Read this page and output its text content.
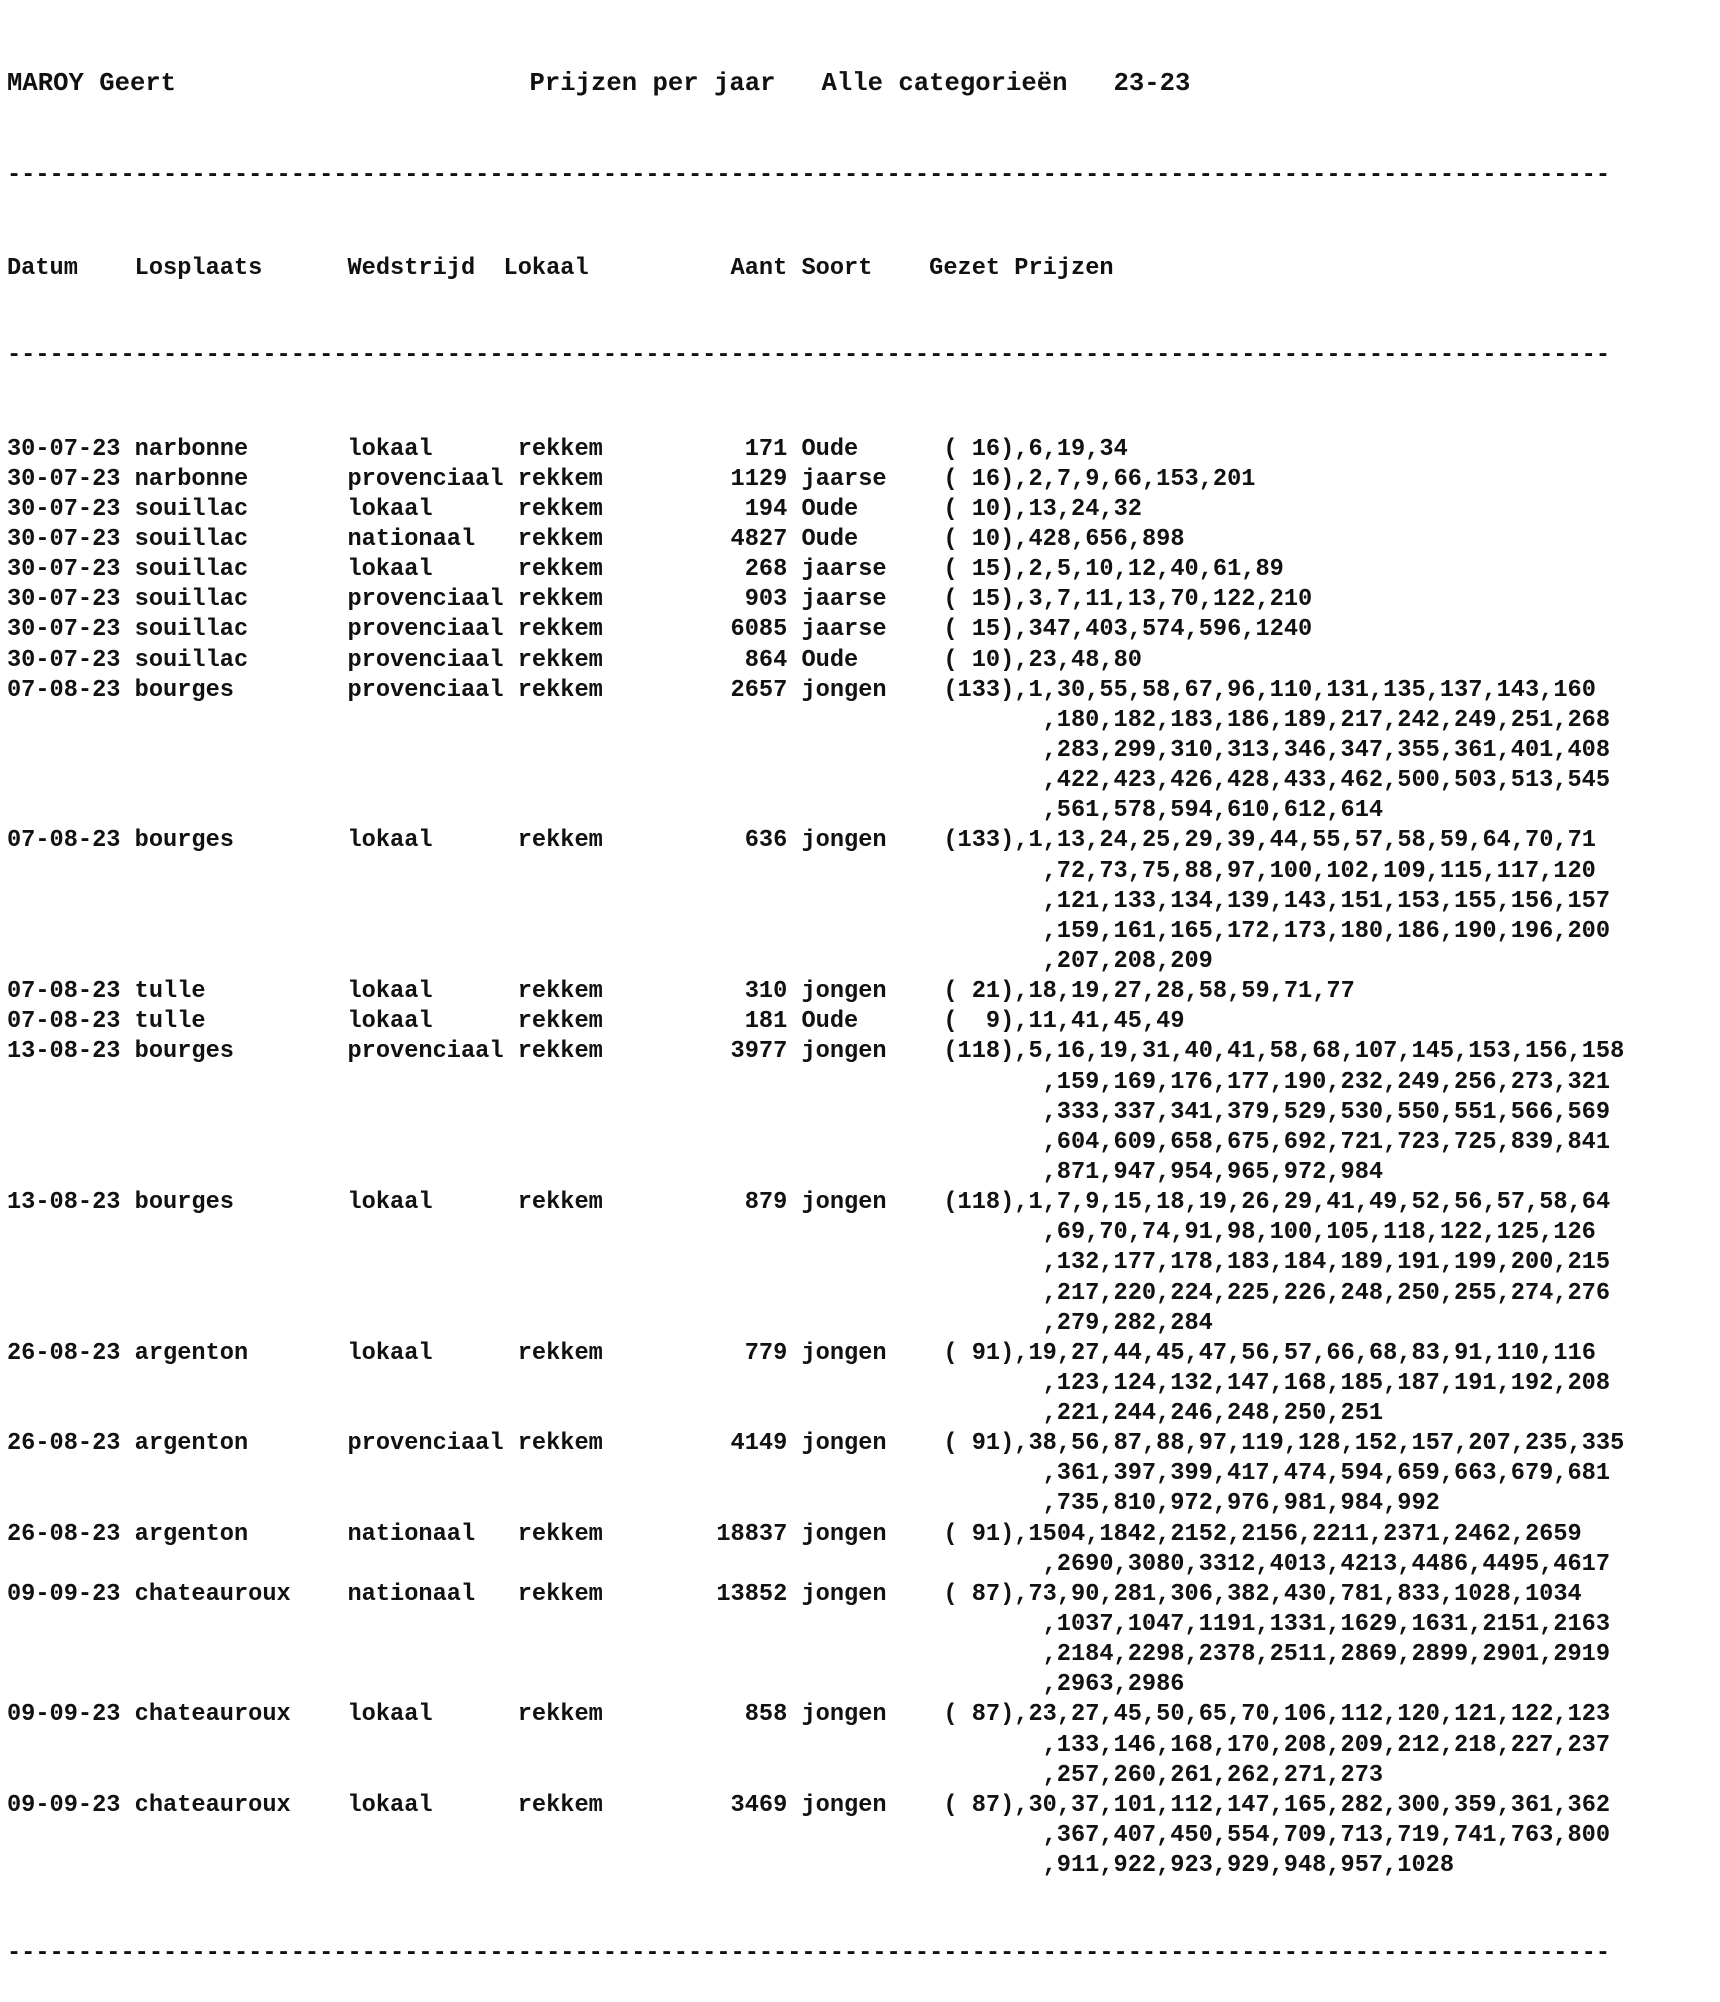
MAROY Geert	Prijzen per jaar Alle categorieën 23-23

-----------------------------------------------------------------------------------------------------------------

Datum Losplaats	Wedstrijd Lokaal	Aant Soort Gezet Prijzen

-----------------------------------------------------------------------------------------------------------------

30-07-23 narbonne	lokaal	rekkem	171 Oude	( 16),6,19,34
30-07-23 narbonne	provenciaal rekkem	1129 jaarse ( 16),2,7,9,66,153,201
30-07-23 souillac	lokaal	rekkem	194 Oude	( 10),13,24,32
30-07-23 souillac	nationaal rekkem	4827 Oude	( 10),428,656,898
30-07-23 souillac	lokaal	rekkem	268 jaarse ( 15),2,5,10,12,40,61,89
30-07-23 souillac	provenciaal rekkem	903 jaarse ( 15),3,7,11,13,70,122,210
30-07-23 souillac	provenciaal rekkem	6085 jaarse ( 15),347,403,574,596,1240
30-07-23 souillac	provenciaal rekkem	864 Oude	( 10),23,48,80
07-08-23 bourges	provenciaal rekkem	2657 jongen (133),1,30,55,58,67,96,110,131,135,137,143,160
,180,182,183,186,189,217,242,249,251,268
,283,299,310,313,346,347,355,361,401,408
,422,423,426,428,433,462,500,503,513,545
,561,578,594,610,612,614
07-08-23 bourges	lokaal	rekkem	636 jongen (133),1,13,24,25,29,39,44,55,57,58,59,64,70,71
,72,73,75,88,97,100,102,109,115,117,120
,121,133,134,139,143,151,153,155,156,157
,159,161,165,172,173,180,186,190,196,200
,207,208,209
07-08-23 tulle	lokaal	rekkem	310 jongen ( 21),18,19,27,28,58,59,71,77
07-08-23 tulle	lokaal	rekkem	181 Oude	(  9),11,41,45,49
13-08-23 bourges	provenciaal rekkem	3977 jongen (118),5,16,19,31,40,41,58,68,107,145,153,156,158
,159,169,176,177,190,232,249,256,273,321
,333,337,341,379,529,530,550,551,566,569
,604,609,658,675,692,721,723,725,839,841
,871,947,954,965,972,984
13-08-23 bourges	lokaal	rekkem	879 jongen (118),1,7,9,15,18,19,26,29,41,49,52,56,57,58,64
,69,70,74,91,98,100,105,118,122,125,126
,132,177,178,183,184,189,191,199,200,215
,217,220,224,225,226,248,250,255,274,276
,279,282,284
26-08-23 argenton	lokaal	rekkem	779 jongen ( 91),19,27,44,45,47,56,57,66,68,83,91,110,116
,123,124,132,147,168,185,187,191,192,208
,221,244,246,248,250,251
26-08-23 argenton	provenciaal rekkem	4149 jongen ( 91),38,56,87,88,97,119,128,152,157,207,235,335
,361,397,399,417,474,594,659,663,679,681
,735,810,972,976,981,984,992
26-08-23 argenton	nationaal rekkem	18837 jongen ( 91),1504,1842,2152,2156,2211,2371,2462,2659
,2690,3080,3312,4013,4213,4486,4495,4617
09-09-23 chateauroux nationaal rekkem	13852 jongen ( 87),73,90,281,306,382,430,781,833,1028,1034
,1037,1047,1191,1331,1629,1631,2151,2163
,2184,2298,2378,2511,2869,2899,2901,2919
,2963,2986
09-09-23 chateauroux lokaal	rekkem	858 jongen ( 87),23,27,45,50,65,70,106,112,120,121,122,123
,133,146,168,170,208,209,212,218,227,237
,257,260,261,262,271,273
09-09-23 chateauroux lokaal	rekkem	3469 jongen ( 87),30,37,101,112,147,165,282,300,359,361,362
,367,407,450,554,709,713,719,741,763,800
,911,922,923,929,948,957,1028

-----------------------------------------------------------------------------------------------------------------
